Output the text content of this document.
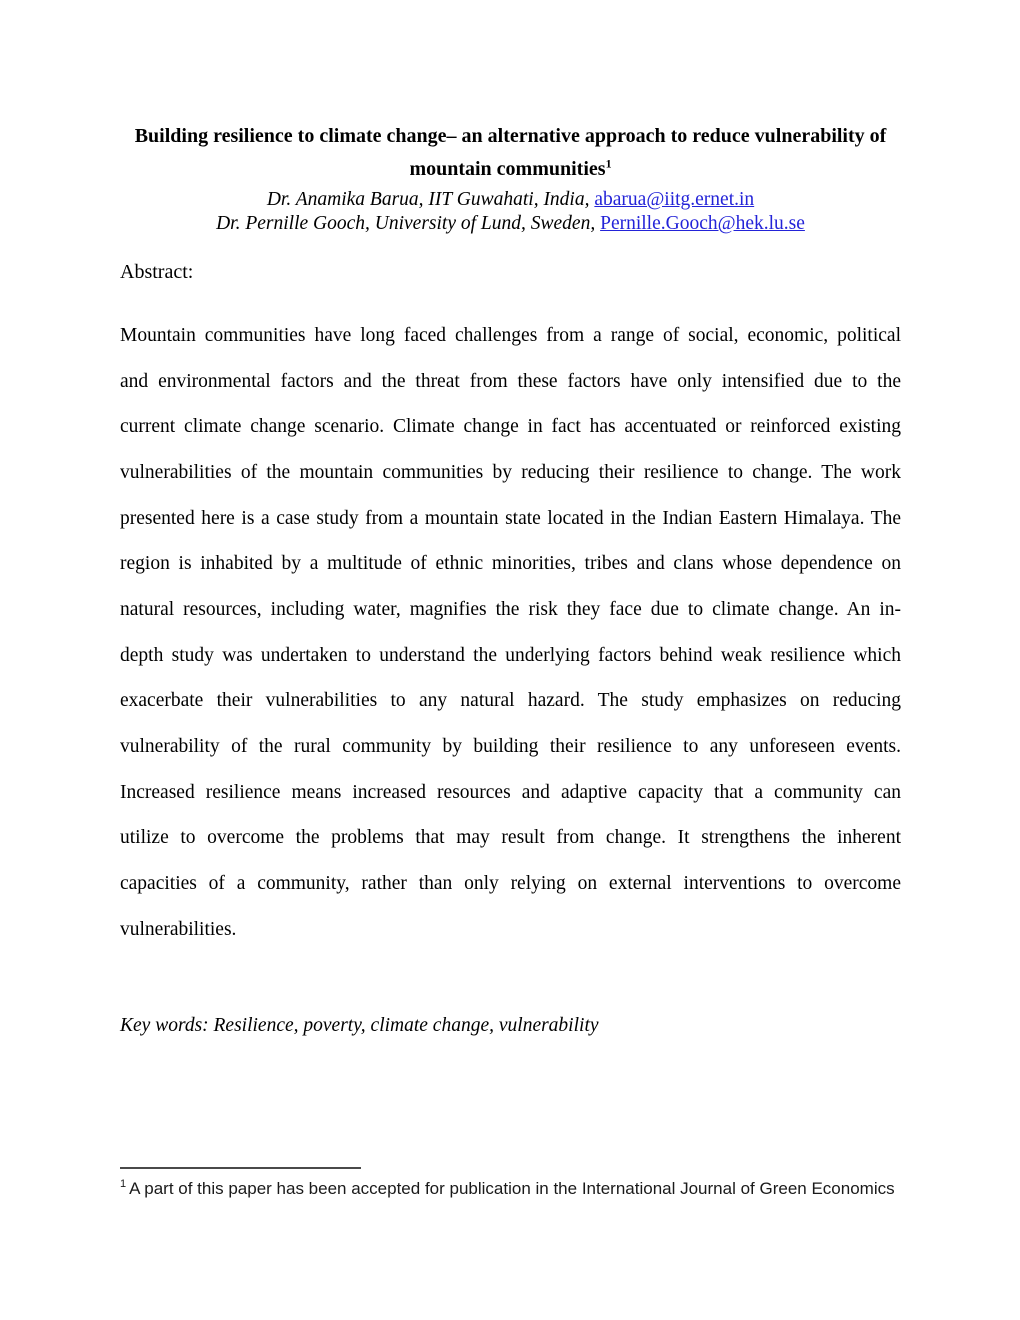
Building resilience to climate change– an alternative approach to reduce vulnerability of
mountain communities$^1$
Dr. Anamika Barua, IIT Guwahati, India, abarua@iitg.ernet.in
Dr. Pernille Gooch, University of Lund, Sweden, Pernille.Gooch@hek.lu.se
Abstract:
Mountain communities have long faced challenges from a range of social, economic, political
and environmental factors and the threat from these factors have only intensified due to the
current climate change scenario. Climate change in fact has accentuated or reinforced existing
vulnerabilities of the mountain communities by reducing their resilience to change. The work
presented here is a case study from a mountain state located in the Indian Eastern Himalaya. The
region is inhabited by a multitude of ethnic minorities, tribes and clans whose dependence on
natural resources, including water, magnifies the risk they face due to climate change. An in-
depth study was undertaken to understand the underlying factors behind weak resilience which
exacerbate their vulnerabilities to any natural hazard. The study emphasizes on reducing
vulnerability of the rural community by building their resilience to any unforeseen events.
Increased resilience means increased resources and adaptive capacity that a community can
utilize to overcome the problems that may result from change. It strengthens the inherent
capacities of a community, rather than only relying on external interventions to overcome
vulnerabilities.
Key words: Resilience, poverty, climate change, vulnerability
$^1$ A part of this paper has been accepted for publication in the International Journal of Green Economics
